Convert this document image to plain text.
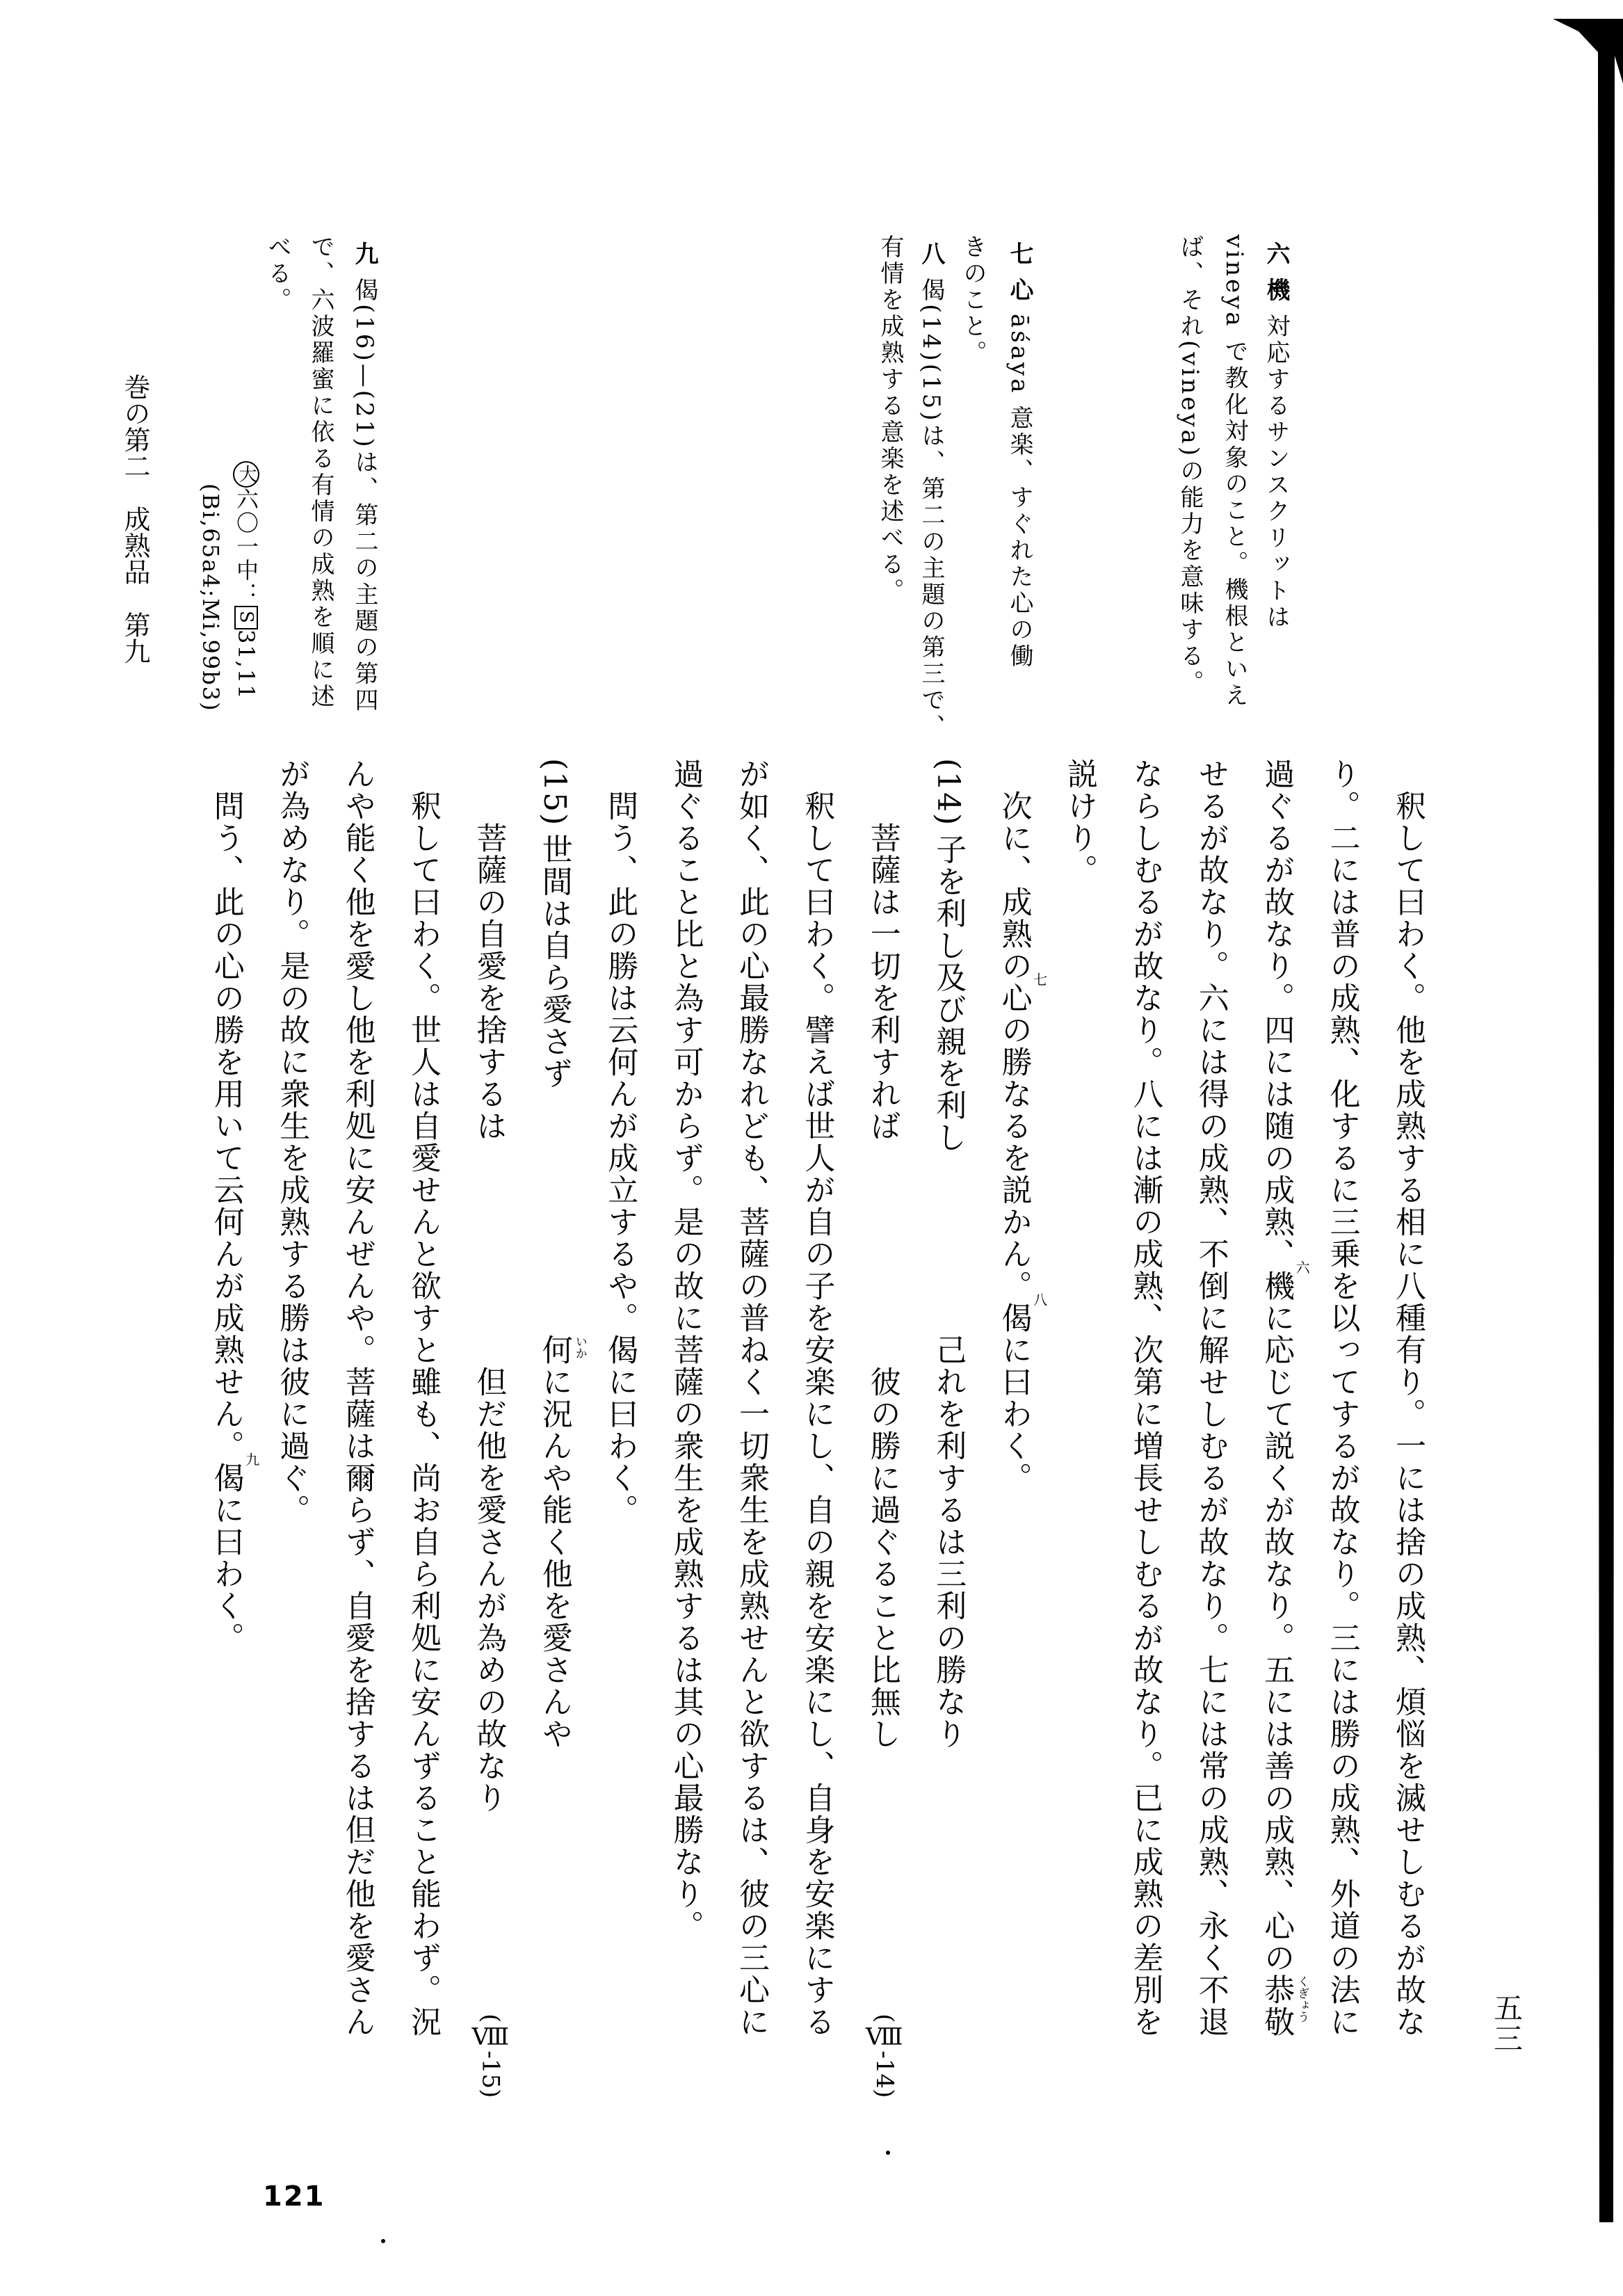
釈して曰わく。他を成熟する相に八種有り。一には捨の成熟、煩悩を滅せしむるが故な
り。二には普の成熟、化するに三乗を以ってするが故なり。三には勝の成熟、外道の法に
過ぐるが故なり。四には随の成熟、機
六
に応じて説くが故なり。五には善の成熟、心の恭敬 くぎょう
せるが故なり。六には得の成熟、不倒に解せしむるが故なり。七には常の成熟、永く不退
ならしむるが故なり。八には漸の成熟、次第に増長せしむるが故なり。已に成熟の差別を
説けり。
次に、成熟の心
七
の勝なるを説かん。偈
八
に曰わく。
(14)子を利し及び親を利し
己れを利するは三利の勝なり
菩薩は一切を利すれば
彼の勝に過ぐること比無し
(Ⅷ-14)
釈して曰わく。譬えば世人が自の子を安楽にし、自の親を安楽にし、自身を安楽にする
が如く、此の心最勝なれども、菩薩の普ねく一切衆生を成熟せんと欲するは、彼の三心に
過ぐること比と為す可からず。是の故に菩薩の衆生を成熟するは其の心最勝なり。
問う、此の勝は云何んが成立するや。偈に曰わく。
(15)世間は自ら愛さず
何 いか
に況んや能く他を愛さんや
菩薩の自愛を捨するは
但だ他を愛さんが為めの故なり
(Ⅷ-15)
釈して曰わく。世人は自愛せんと欲すと雖も、尚お自ら利処に安んずること能わず。況
んや能く他を愛し他を利処に安んぜんや。菩薩は爾らず、自愛を捨するは但だ他を愛さん
が為めなり。是の故に衆生を成熟する勝は彼に過ぐ。
問う、此の心の勝を用いて云何んが成熟せん。偈
九
に曰わく。
六機対応するサンスクリットは
vineya で教化対象のこと。機根といえ
ば、それ(vineya)の能力を意味する。
七心āśaya 意楽、すぐれた心の働
きのこと。
八偈(14)(15)は、第二の主題の第三で、
有情を成熟する意楽を述べる。
九偈(16)—(21)は、第二の主題の第四
で、六波羅蜜に依る有情の成熟を順に述
べる。
大六〇一中：S31,11
(Bi,65a4;Mi,99b3)
巻の第二　成熟品　第九
121
五三
